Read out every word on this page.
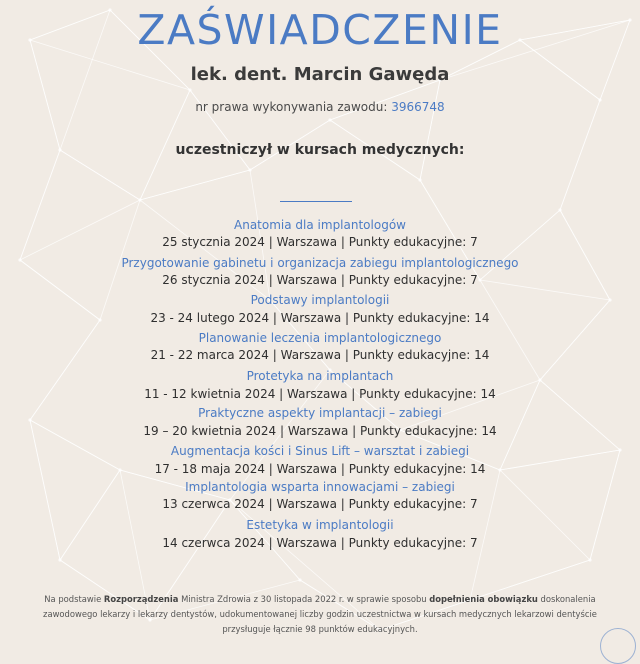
ZAŚWIADCZENIE
lek. dent. Marcin Gawęda
nr prawa wykonywania zawodu: 3966748
uczestniczył w kursach medycznych:
Anatomia dla implantologów
25 stycznia 2024 | Warszawa | Punkty edukacyjne: 7
Przygotowanie gabinetu i organizacja zabiegu implantologicznego
26 stycznia 2024 | Warszawa | Punkty edukacyjne: 7
Podstawy implantologii
23 - 24 lutego 2024 | Warszawa | Punkty edukacyjne: 14
Planowanie leczenia implantologicznego
21 - 22 marca 2024 | Warszawa | Punkty edukacyjne: 14
Protetyka na implantach
11 - 12 kwietnia 2024 | Warszawa | Punkty edukacyjne: 14
Praktyczne aspekty implantacji – zabiegi
19 – 20 kwietnia 2024 | Warszawa | Punkty edukacyjne: 14
Augmentacja kości i Sinus Lift – warsztat i zabiegi
17 - 18 maja 2024 | Warszawa | Punkty edukacyjne: 14
Implantologia wsparta innowacjami – zabiegi
13 czerwca 2024 | Warszawa | Punkty edukacyjne: 7
Estetyka w implantologii
14 czerwca 2024 | Warszawa | Punkty edukacyjne: 7
Na podstawie Rozporządzenia Ministra Zdrowia z 30 listopada 2022 r. w sprawie sposobu dopełnienia obowiązku doskonalenia
zawodowego lekarzy i lekarzy dentystów, udokumentowanej liczby godzin uczestnictwa w kursach medycznych lekarzowi dentyście
przysługuje łącznie 98 punktów edukacyjnych.
